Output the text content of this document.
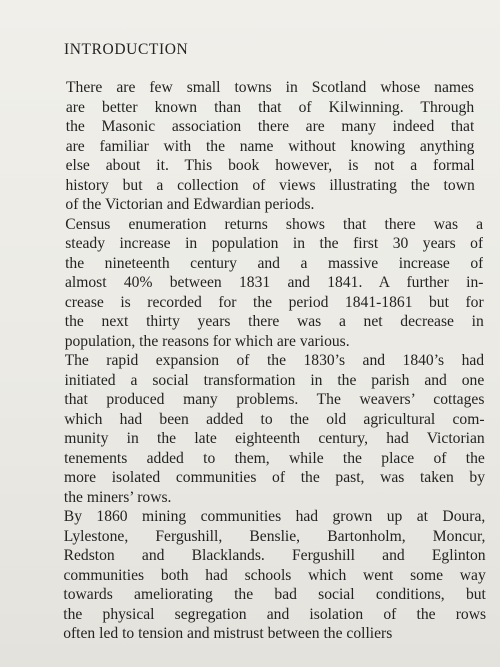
INTRODUCTION
There are few small towns in Scotland whose names
are better known than that of Kilwinning. Through
the Masonic association there are many indeed that
are familiar with the name without knowing anything
else about it. This book however, is not a formal
history but a collection of views illustrating the town
of the Victorian and Edwardian periods.
Census enumeration returns shows that there was a
steady increase in population in the first 30 years of
the nineteenth century and a massive increase of
almost 40% between 1831 and 1841. A further in-
crease is recorded for the period 1841-1861 but for
the next thirty years there was a net decrease in
population, the reasons for which are various.
The rapid expansion of the 1830’s and 1840’s had
initiated a social transformation in the parish and one
that produced many problems. The weavers’ cottages
which had been added to the old agricultural com-
munity in the late eighteenth century, had Victorian
tenements added to them, while the place of the
more isolated communities of the past, was taken by
the miners’ rows.
By 1860 mining communities had grown up at Doura,
Lylestone, Fergushill, Benslie, Bartonholm, Moncur,
Redston and Blacklands. Fergushill and Eglinton
communities both had schools which went some way
towards ameliorating the bad social conditions, but
the physical segregation and isolation of the rows
often led to tension and mistrust between the colliers
